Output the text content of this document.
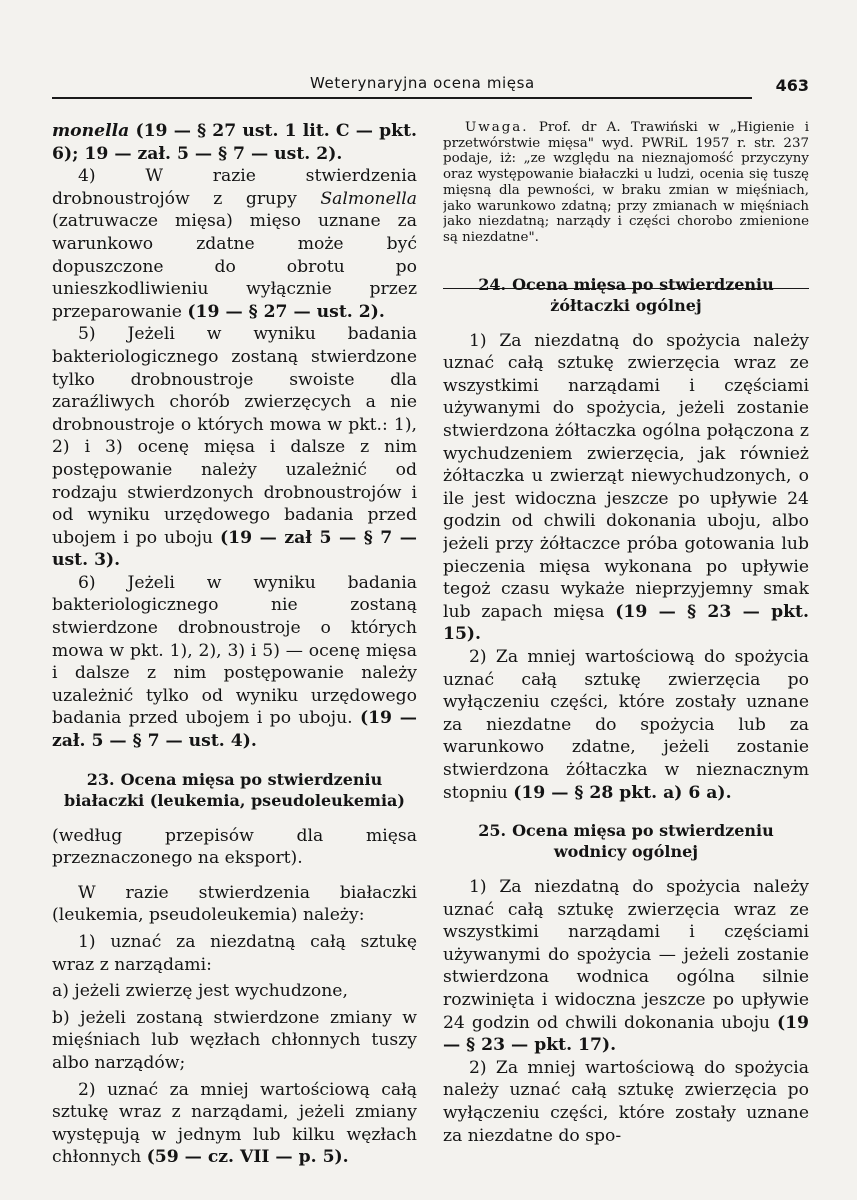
Weterynaryjna ocena mięsa	463

monella (19 — § 27 ust. 1 lit. C — pkt. 6); 19 — zał. 5 — § 7 — ust. 2).

4) W razie stwierdzenia drobnoustrojów z grupy Salmonella (zatruwacze mięsa) mięso uznane za warunkowo zdatne może być dopuszczone do obrotu po unieszkodliwieniu wyłącznie przez przeparowanie (19 — § 27 — ust. 2).

5) Jeżeli w wyniku badania bakteriologicznego zostaną stwierdzone tylko drobnoustroje swoiste dla zaraźliwych chorób zwierzęcych a nie drobnoustroje o których mowa w pkt.: 1), 2) i 3) ocenę mięsa i dalsze z nim postępowanie należy uzależnić od rodzaju stwierdzonych drobnoustrojów i od wyniku urzędowego badania przed ubojem i po uboju (19 — zał 5 — § 7 — ust. 3).

6) Jeżeli w wyniku badania bakteriologicznego nie zostaną stwierdzone drobnoustroje o których mowa w pkt. 1), 2), 3) i 5) — ocenę mięsa i dalsze z nim postępowanie należy uzależnić tylko od wyniku urzędowego badania przed ubojem i po uboju. (19 — zał. 5 — § 7 — ust. 4).

23. Ocena mięsa po stwierdzeniu białaczki (leukemia, pseudoleukemia)

(według przepisów dla mięsa przeznaczonego na eksport).

W razie stwierdzenia białaczki (leukemia, pseudoleukemia) należy:

1) uznać za niezdatną całą sztukę wraz z narządami:

a) jeżeli zwierzę jest wychudzone,

b) jeżeli zostaną stwierdzone zmiany w mięśniach lub węzłach chłonnych tuszy albo narządów;

2) uznać za mniej wartościową całą sztukę wraz z narządami, jeżeli zmiany występują w jednym lub kilku węzłach chłonnych (59 — cz. VII — p. 5).

Uwaga. Prof. dr A. Trawiński w „Higienie i przetwórstwie mięsa" wyd. PWRiL 1957 r. str. 237 podaje, iż: „ze względu na nieznajomość przyczyny oraz występowanie białaczki u ludzi, ocenia się tuszę mięsną dla pewności, w braku zmian w mięśniach, jako warunkowo zdatną; przy zmianach w mięśniach jako niezdatną; narządy i części chorobo zmienione są niezdatne".

24. Ocena mięsa po stwierdzeniu żółtaczki ogólnej

1) Za niezdatną do spożycia należy uznać całą sztukę zwierzęcia wraz ze wszystkimi narządami i częściami używanymi do spożycia, jeżeli zostanie stwierdzona żółtaczka ogólna połączona z wychudzeniem zwierzęcia, jak również żółtaczka u zwierząt niewychudzonych, o ile jest widoczna jeszcze po upływie 24 godzin od chwili dokonania uboju, albo jeżeli przy żółtaczce próba gotowania lub pieczenia mięsa wykonana po upływie tegoż czasu wykaże nieprzyjemny smak lub zapach mięsa (19 — § 23 — pkt. 15).

2) Za mniej wartościową do spożycia uznać całą sztukę zwierzęcia po wyłączeniu części, które zostały uznane za niezdatne do spożycia lub za warunkowo zdatne, jeżeli zostanie stwierdzona żółtaczka w nieznacznym stopniu (19 — § 28 pkt. a) 6 a).

25. Ocena mięsa po stwierdzeniu wodnicy ogólnej

1) Za niezdatną do spożycia należy uznać całą sztukę zwierzęcia wraz ze wszystkimi narządami i częściami używanymi do spożycia — jeżeli zostanie stwierdzona wodnica ogólna silnie rozwinięta i widoczna jeszcze po upływie 24 godzin od chwili dokonania uboju (19 — § 23 — pkt. 17).

2) Za mniej wartościową do spożycia należy uznać całą sztukę zwierzęcia po wyłączeniu części, które zostały uznane za niezdatne do spo-
